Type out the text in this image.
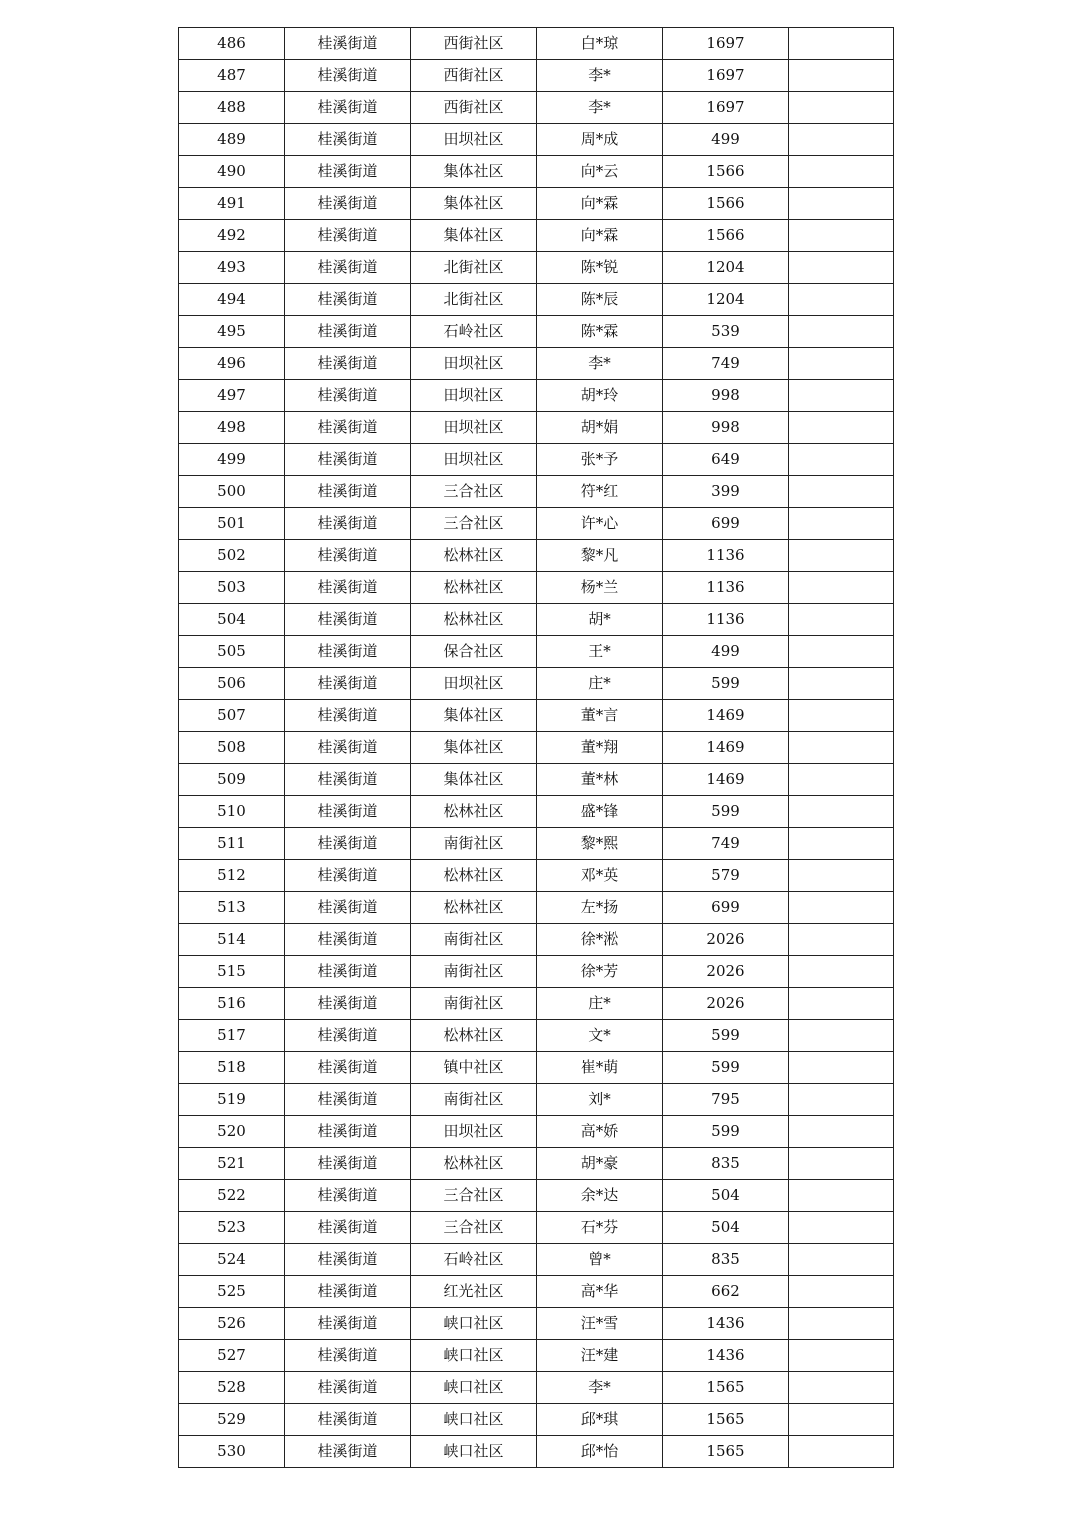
486	桂溪街道	西街社区	白*琼	1697	
487	桂溪街道	西街社区	李*	1697	
488	桂溪街道	西街社区	李*	1697	
489	桂溪街道	田坝社区	周*成	499	
490	桂溪街道	集体社区	向*云	1566	
491	桂溪街道	集体社区	向*霖	1566	
492	桂溪街道	集体社区	向*霖	1566	
493	桂溪街道	北街社区	陈*锐	1204	
494	桂溪街道	北街社区	陈*辰	1204	
495	桂溪街道	石岭社区	陈*霖	539	
496	桂溪街道	田坝社区	李*	749	
497	桂溪街道	田坝社区	胡*玲	998	
498	桂溪街道	田坝社区	胡*娟	998	
499	桂溪街道	田坝社区	张*予	649	
500	桂溪街道	三合社区	符*红	399	
501	桂溪街道	三合社区	许*心	699	
502	桂溪街道	松林社区	黎*凡	1136	
503	桂溪街道	松林社区	杨*兰	1136	
504	桂溪街道	松林社区	胡*	1136	
505	桂溪街道	保合社区	王*	499	
506	桂溪街道	田坝社区	庄*	599	
507	桂溪街道	集体社区	董*言	1469	
508	桂溪街道	集体社区	董*翔	1469	
509	桂溪街道	集体社区	董*林	1469	
510	桂溪街道	松林社区	盛*锋	599	
511	桂溪街道	南街社区	黎*熙	749	
512	桂溪街道	松林社区	邓*英	579	
513	桂溪街道	松林社区	左*扬	699	
514	桂溪街道	南街社区	徐*淞	2026	
515	桂溪街道	南街社区	徐*芳	2026	
516	桂溪街道	南街社区	庄*	2026	
517	桂溪街道	松林社区	文*	599	
518	桂溪街道	镇中社区	崔*萌	599	
519	桂溪街道	南街社区	刘*	795	
520	桂溪街道	田坝社区	高*娇	599	
521	桂溪街道	松林社区	胡*豪	835	
522	桂溪街道	三合社区	余*达	504	
523	桂溪街道	三合社区	石*芬	504	
524	桂溪街道	石岭社区	曾*	835	
525	桂溪街道	红光社区	高*华	662	
526	桂溪街道	峡口社区	汪*雪	1436	
527	桂溪街道	峡口社区	汪*建	1436	
528	桂溪街道	峡口社区	李*	1565	
529	桂溪街道	峡口社区	邱*琪	1565	
530	桂溪街道	峡口社区	邱*怡	1565	
